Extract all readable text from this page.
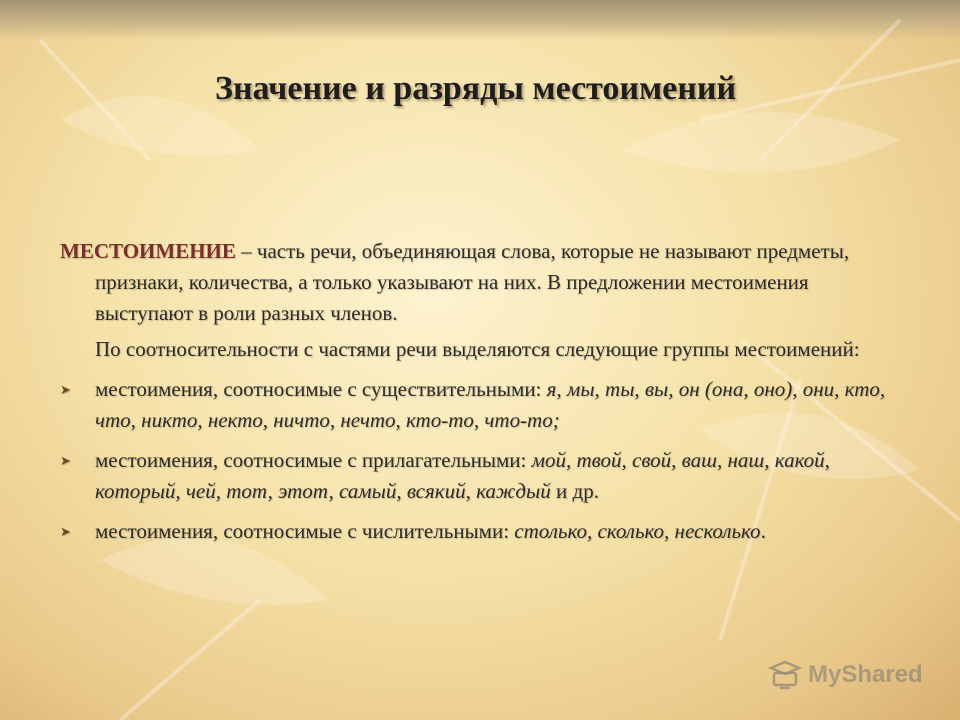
Значение и разряды местоимений
МЕСТОИМЕНИЕ – часть речи, объединяющая слова, которые не называют предметы, признаки, количества, а только указывают на них. В предложении местоимения выступают в роли разных членов.
По соотносительности с частями речи выделяются следующие группы местоимений:
➤ местоимения, соотносимые с существительными: я, мы, ты, вы, он (она, оно), они, кто, что, никто, некто, ничто, нечто, кто-то, что-то;
➤ местоимения, соотносимые с прилагательными: мой, твой, свой, ваш, наш, какой, который, чей, тот, этот, самый, всякий, каждый и др.
➤ местоимения, соотносимые с числительными: столько, сколько, несколько.
MyShared
